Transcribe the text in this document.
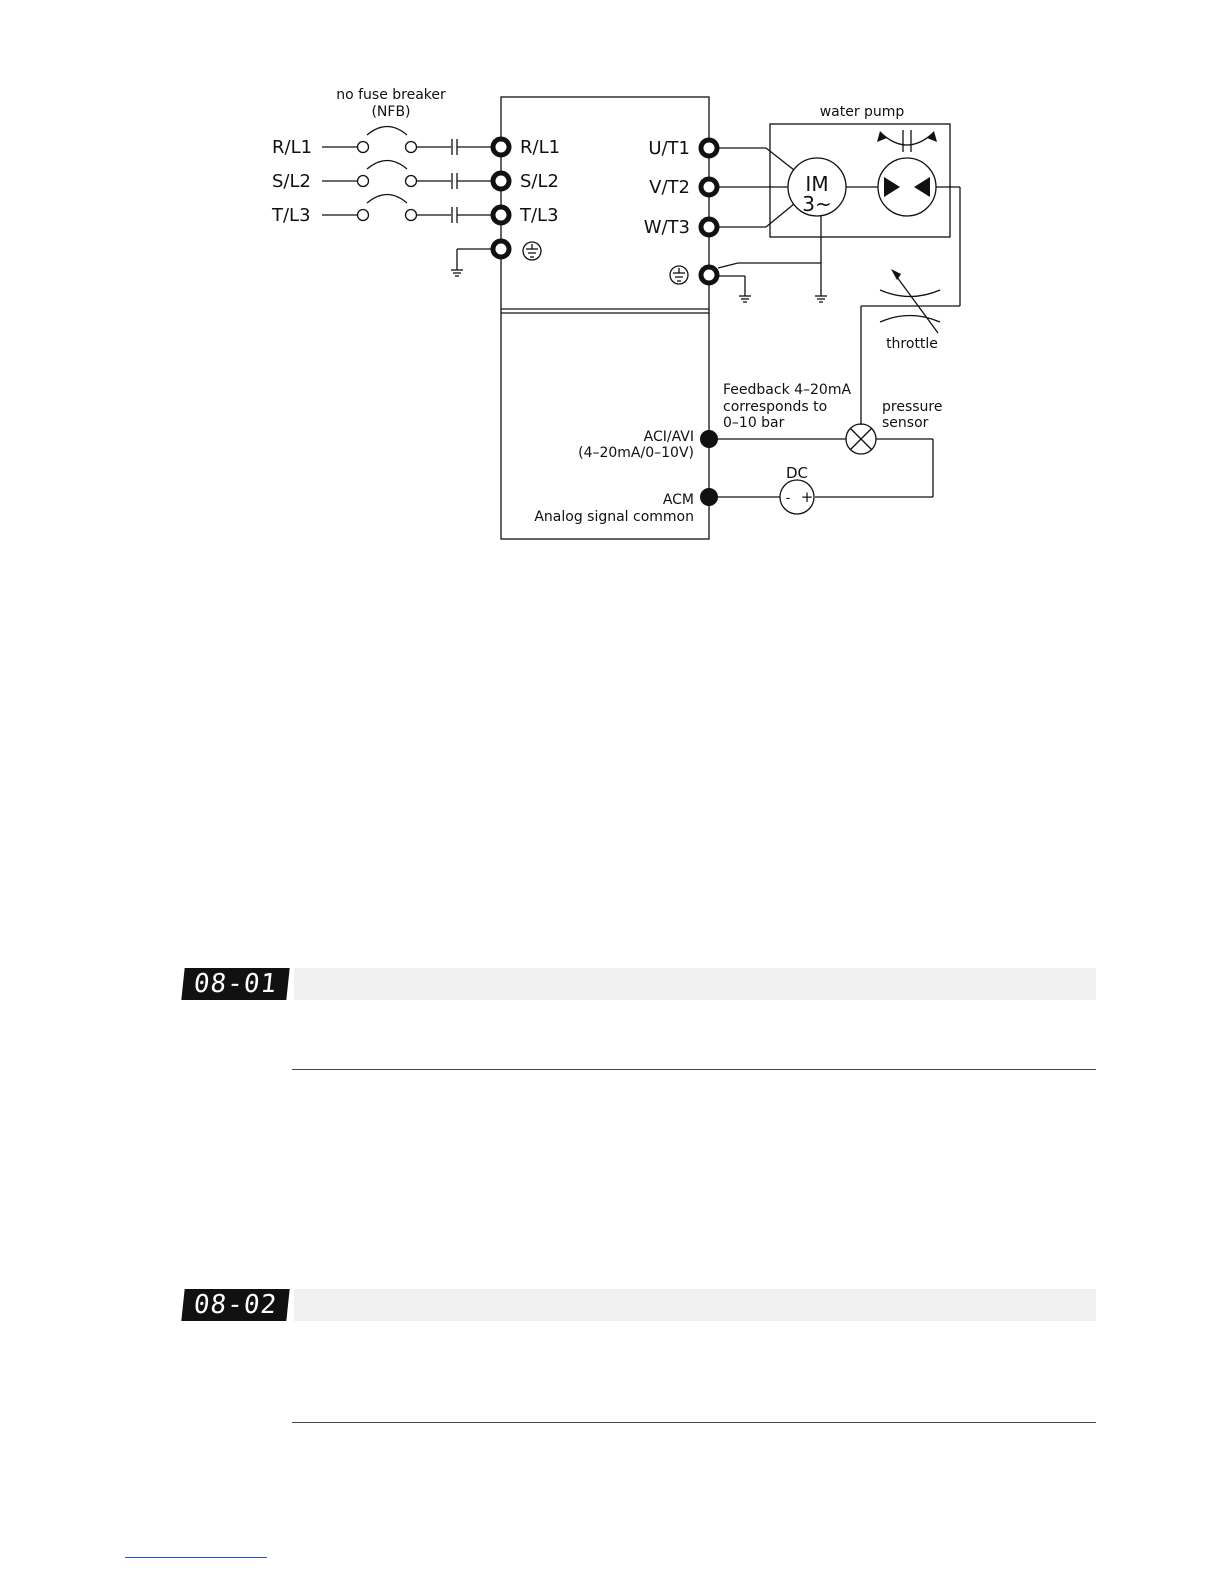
no fuse breaker
(NFB)
R/L1
S/L2
T/L3
R/L1
S/L2
T/L3
U/T1
V/T2
W/T3
IM
3~
water pump
throttle
Feedback 4–20mA
corresponds to
0–10 bar
pressure
sensor
ACI/AVI
(4–20mA/0–10V)
ACM
Analog signal common
DC
- +
08-01
08-02
